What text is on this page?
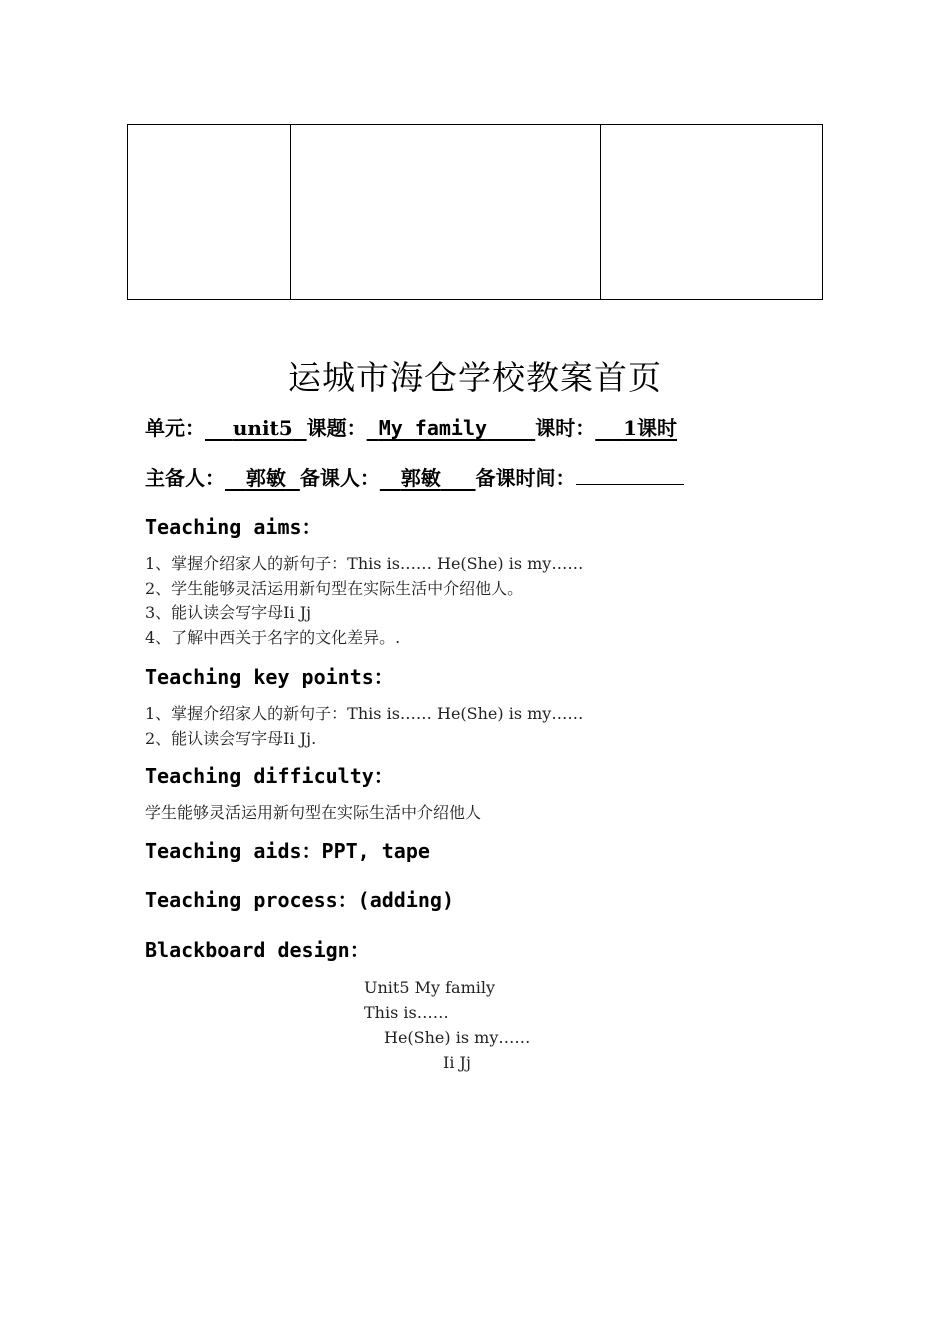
运城市海仓学校教案首页
单元： unit5 课题： My family 课时： 1课时
主备人： 郭敏 备课人： 郭敏 备课时间：
Teaching aims：
1、掌握介绍家人的新句子：This is…… He(She) is my……
2、学生能够灵活运用新句型在实际生活中介绍他人。
3、能认读会写字母Ii Jj
4、了解中西关于名字的文化差异。.
Teaching key points：
1、掌握介绍家人的新句子：This is…… He(She) is my……
2、能认读会写字母Ii Jj.
Teaching difficulty：
学生能够灵活运用新句型在实际生活中介绍他人
Teaching aids：PPT, tape
Teaching process：(adding)
Blackboard design：
Unit5 My family
This is……
He(She) is my……
Ii Jj
